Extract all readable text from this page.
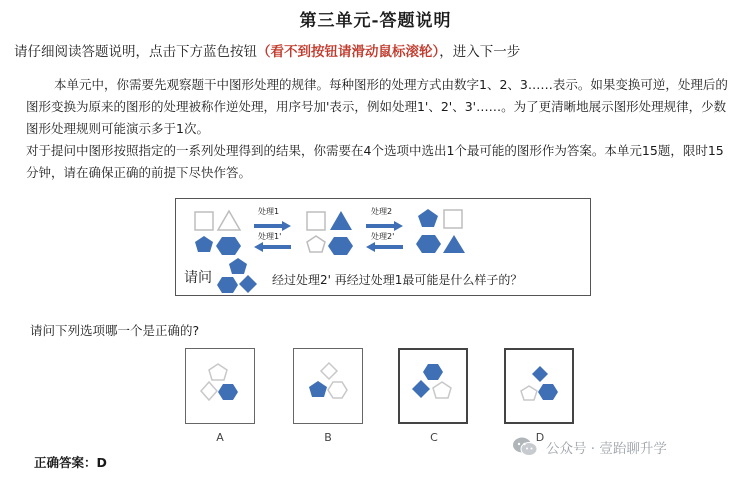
第三单元-答题说明
请仔细阅读答题说明，点击下方蓝色按钮（看不到按钮请滑动鼠标滚轮），进入下一步
本单元中，你需要先观察题干中图形处理的规律。每种图形的处理方式由数字1、2、3……表示。如果变换可逆，处理后的图形变换为原来的图形的处理被称作逆处理，用序号加'表示，例如处理1'、2'、3'……。为了更清晰地展示图形处理规律，少数图形处理规则可能演示多于1次。
对于提问中图形按照指定的一系列处理得到的结果，你需要在4个选项中选出1个最可能的图形作为答案。本单元15题，限时15分钟，请在确保正确的前提下尽快作答。
处理1
处理1'
处理2
处理2'
请问	经过处理2' 再经过处理1最可能是什么样子的？
请问下列选项哪一个是正确的?
A	B	C	D
正确答案：D
公众号 · 壹跆聊升学
